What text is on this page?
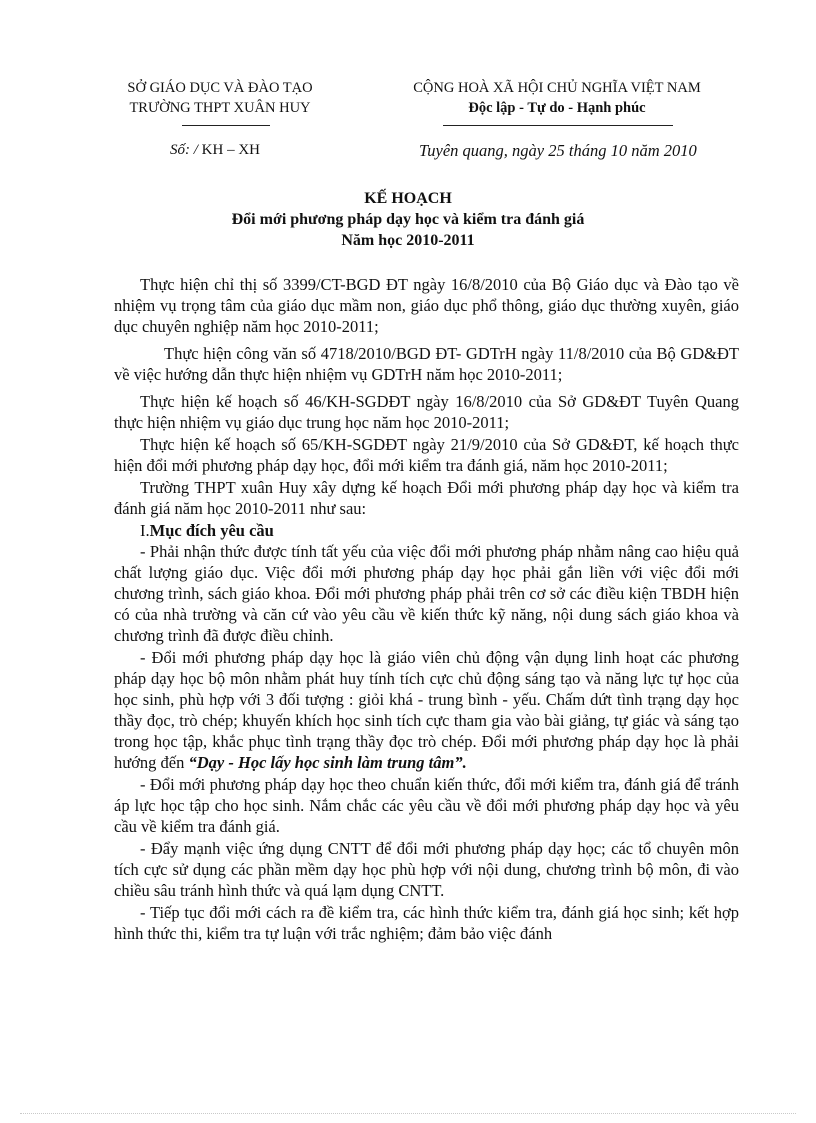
SỞ GIÁO DỤC VÀ ĐÀO TẠO
TRƯỜNG THPT XUÂN HUY
CỘNG HOÀ XÃ HỘI CHỦ NGHĨA VIỆT NAM
Độc lập - Tự do - Hạnh phúc
Số: / KH – XH	Tuyên quang, ngày 25 tháng 10 năm 2010
KẾ HOẠCH
Đổi mới phương pháp dạy học và kiểm tra đánh giá
Năm học 2010-2011

Thực hiện chỉ thị số 3399/CT-BGD ĐT ngày 16/8/2010 của Bộ Giáo dục và Đào tạo về nhiệm vụ trọng tâm của giáo dục mầm non, giáo dục phổ thông, giáo dục thường xuyên, giáo dục chuyên nghiệp năm học 2010-2011;

Thực hiện công văn số 4718/2010/BGD ĐT- GDTrH ngày 11/8/2010 của Bộ GD&ĐT về việc hướng dẫn thực hiện nhiệm vụ GDTrH năm học 2010-2011;

Thực hiện kế hoạch số 46/KH-SGDĐT ngày 16/8/2010 của Sở GD&ĐT Tuyên Quang thực hiện nhiệm vụ giáo dục trung học năm học 2010-2011;

Thực hiện kế hoạch số 65/KH-SGDĐT ngày 21/9/2010 của Sở GD&ĐT, kế hoạch thực hiện đổi mới phương pháp dạy học, đổi mới kiểm tra đánh giá, năm học 2010-2011;

Trường THPT xuân Huy xây dựng kế hoạch Đổi mới phương pháp dạy học và kiểm tra đánh giá năm học 2010-2011 như sau:

I.Mục đích yêu cầu

- Phải nhận thức được tính tất yếu của việc đổi mới phương pháp nhằm nâng cao hiệu quả chất lượng giáo dục. Việc đổi mới phương pháp dạy học phải gắn liền với việc đổi mới chương trình, sách giáo khoa. Đổi mới phương pháp phải trên cơ sở các điều kiện TBDH hiện có của nhà trường và căn cứ vào yêu cầu về kiến thức kỹ năng, nội dung sách giáo khoa và chương trình đã được điều chỉnh.

- Đổi mới phương pháp dạy học là giáo viên chủ động vận dụng linh hoạt các phương pháp dạy học bộ môn nhằm phát huy tính tích cực chủ động sáng tạo và năng lực tự học của học sinh, phù hợp với 3 đối tượng : giỏi khá - trung bình - yếu. Chấm dứt tình trạng dạy học thầy đọc, trò chép; khuyến khích học sinh tích cực tham gia vào bài giảng, tự giác và sáng tạo trong học tập, khắc phục tình trạng thầy đọc trò chép. Đổi mới phương pháp dạy học là phải hướng đến “Dạy - Học lấy học sinh làm trung tâm”.

- Đổi mới phương pháp dạy học theo chuẩn kiến thức, đổi mới kiểm tra, đánh giá để tránh áp lực học tập cho học sinh. Nắm chắc các yêu cầu về đổi mới phương pháp dạy học và yêu cầu về kiểm tra đánh giá.

- Đẩy mạnh việc ứng dụng CNTT để đổi mới phương pháp dạy học; các tổ chuyên môn tích cực sử dụng các phần mềm dạy học phù hợp với nội dung, chương trình bộ môn, đi vào chiều sâu tránh hình thức và quá lạm dụng CNTT.

- Tiếp tục đổi mới cách ra đề kiểm tra, các hình thức kiểm tra, đánh giá học sinh; kết hợp hình thức thi, kiểm tra tự luận với trắc nghiệm; đảm bảo việc đánh
